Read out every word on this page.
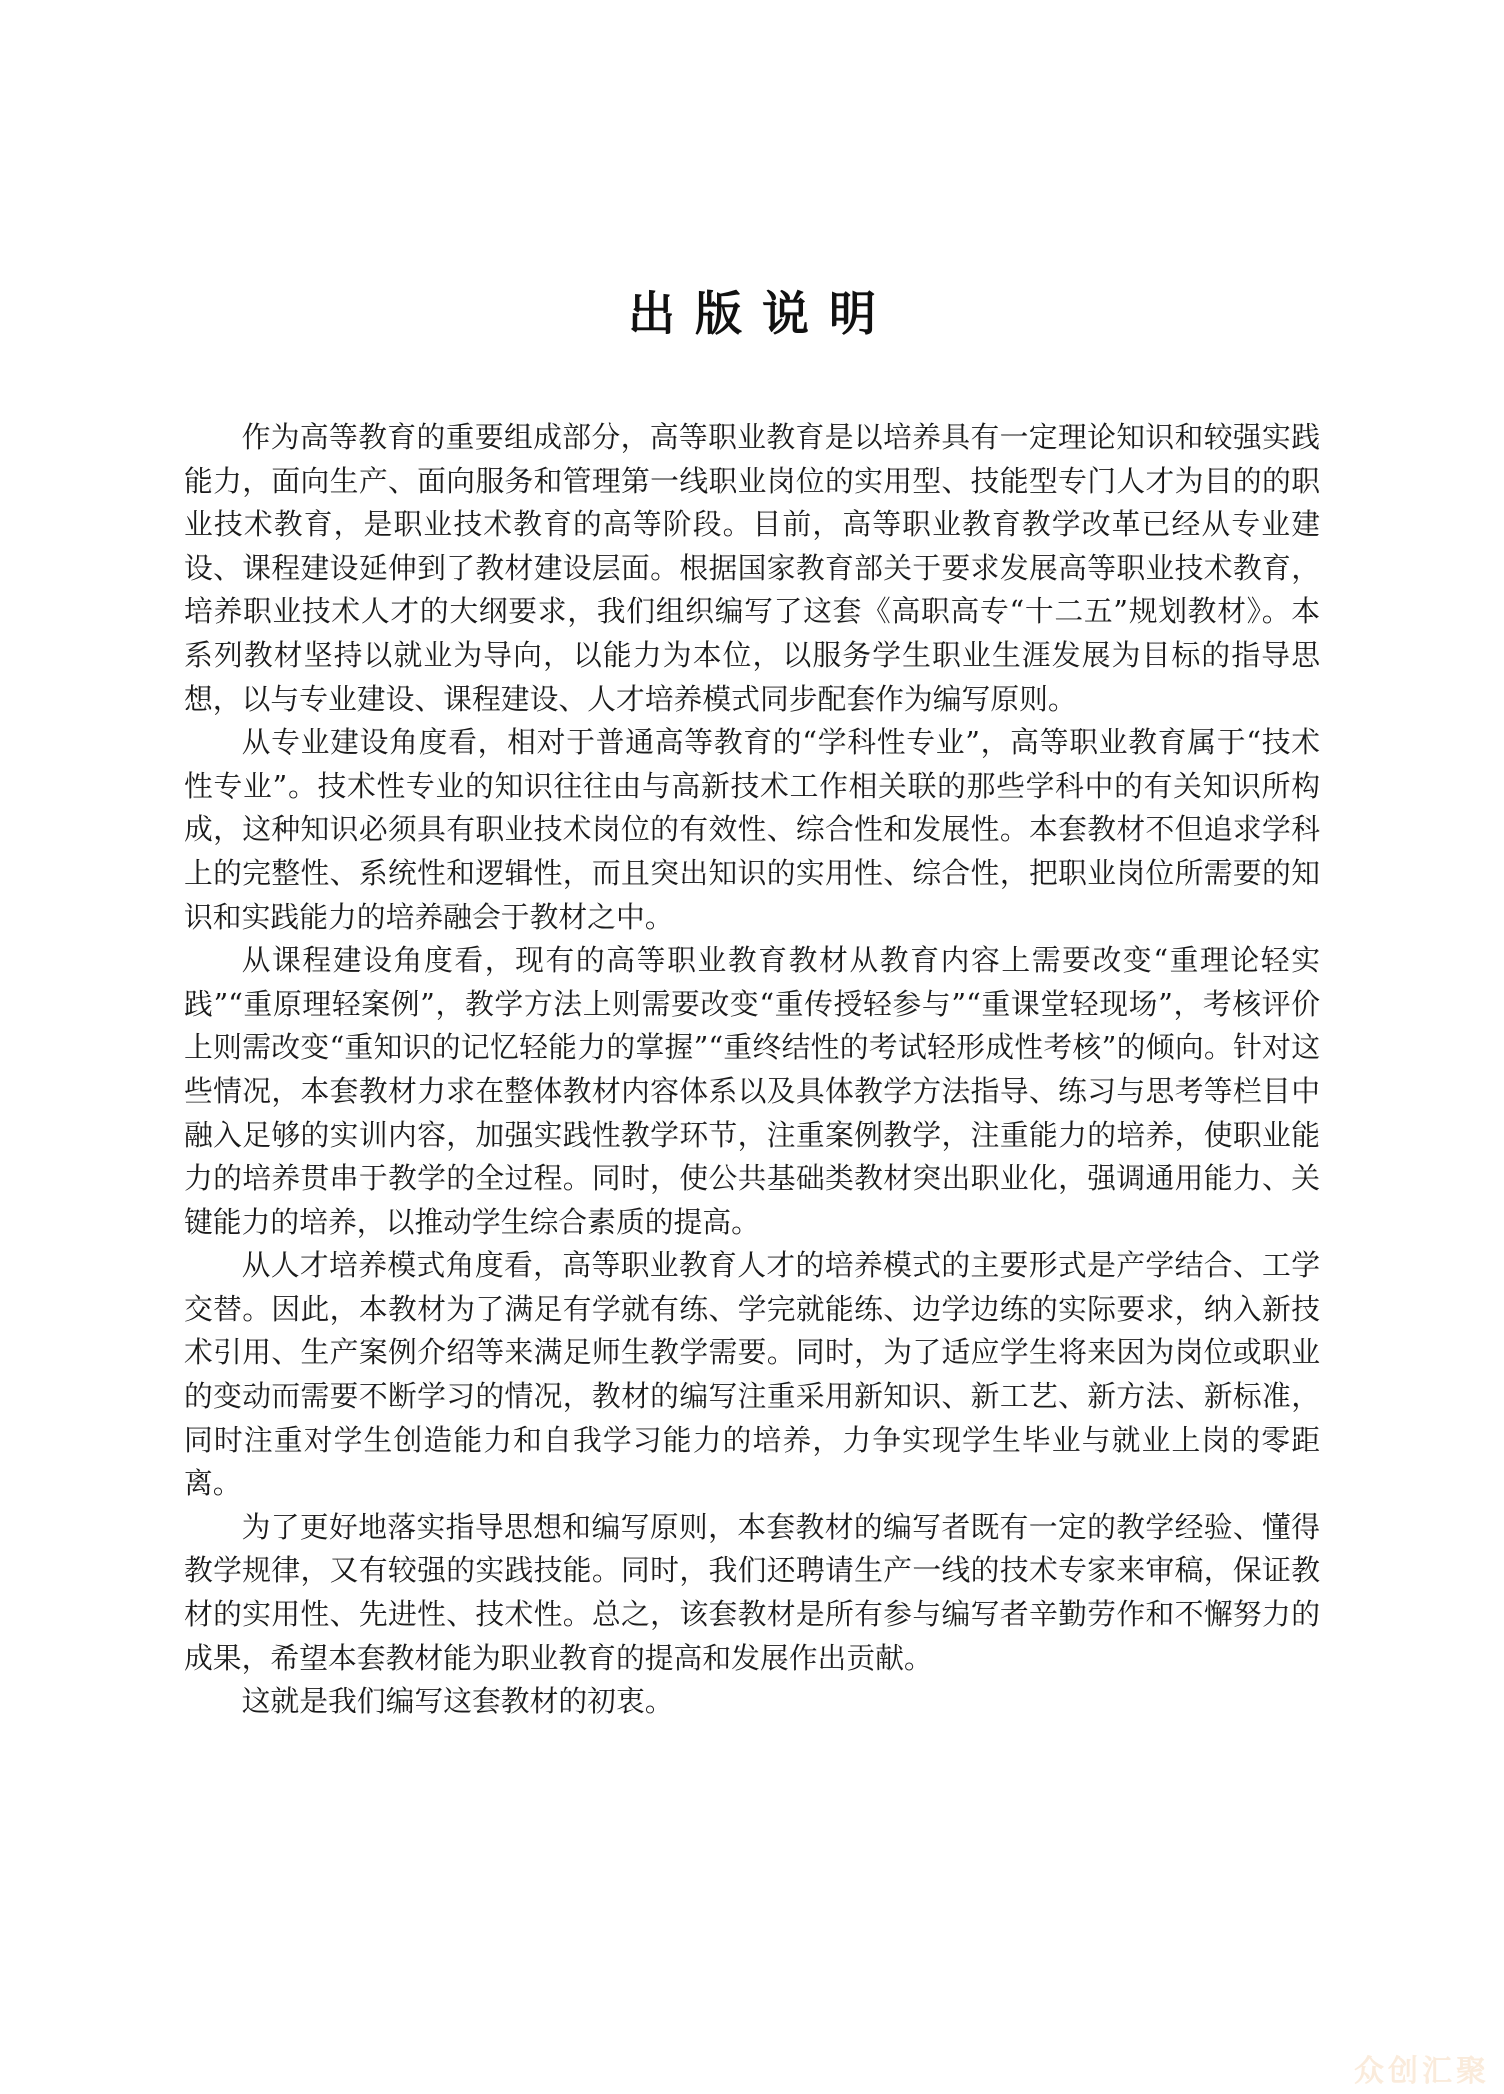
出版说明

作为高等教育的重要组成部分，高等职业教育是以培养具有一定理论知识和较强实践能力，面向生产、面向服务和管理第一线职业岗位的实用型、技能型专门人才为目的的职业技术教育，是职业技术教育的高等阶段。目前，高等职业教育教学改革已经从专业建设、课程建设延伸到了教材建设层面。根据国家教育部关于要求发展高等职业技术教育，培养职业技术人才的大纲要求，我们组织编写了这套《高职高专“十二五”规划教材》。本系列教材坚持以就业为导向，以能力为本位，以服务学生职业生涯发展为目标的指导思想，以与专业建设、课程建设、人才培养模式同步配套作为编写原则。

从专业建设角度看，相对于普通高等教育的“学科性专业”，高等职业教育属于“技术性专业”。技术性专业的知识往往由与高新技术工作相关联的那些学科中的有关知识所构成，这种知识必须具有职业技术岗位的有效性、综合性和发展性。本套教材不但追求学科上的完整性、系统性和逻辑性，而且突出知识的实用性、综合性，把职业岗位所需要的知识和实践能力的培养融会于教材之中。

从课程建设角度看，现有的高等职业教育教材从教育内容上需要改变“重理论轻实践”“重原理轻案例”，教学方法上则需要改变“重传授轻参与”“重课堂轻现场”，考核评价上则需改变“重知识的记忆轻能力的掌握”“重终结性的考试轻形成性考核”的倾向。针对这些情况，本套教材力求在整体教材内容体系以及具体教学方法指导、练习与思考等栏目中融入足够的实训内容，加强实践性教学环节，注重案例教学，注重能力的培养，使职业能力的培养贯串于教学的全过程。同时，使公共基础类教材突出职业化，强调通用能力、关键能力的培养，以推动学生综合素质的提高。

从人才培养模式角度看，高等职业教育人才的培养模式的主要形式是产学结合、工学交替。因此，本教材为了满足有学就有练、学完就能练、边学边练的实际要求，纳入新技术引用、生产案例介绍等来满足师生教学需要。同时，为了适应学生将来因为岗位或职业的变动而需要不断学习的情况，教材的编写注重采用新知识、新工艺、新方法、新标准，同时注重对学生创造能力和自我学习能力的培养，力争实现学生毕业与就业上岗的零距离。

为了更好地落实指导思想和编写原则，本套教材的编写者既有一定的教学经验、懂得教学规律，又有较强的实践技能。同时，我们还聘请生产一线的技术专家来审稿，保证教材的实用性、先进性、技术性。总之，该套教材是所有参与编写者辛勤劳作和不懈努力的成果，希望本套教材能为职业教育的提高和发展作出贡献。

这就是我们编写这套教材的初衷。

众创汇聚
